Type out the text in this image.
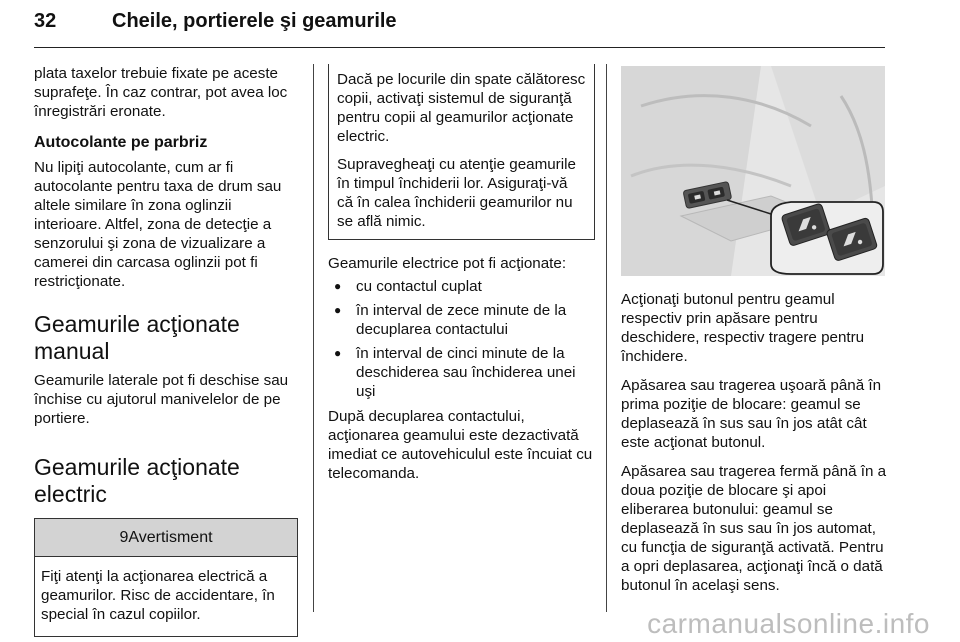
32	Cheile, portierele şi geamurile

plata taxelor trebuie fixate pe aceste suprafeţe. În caz contrar, pot avea loc înregistrări eronate.

Autocolante pe parbriz

Nu lipiţi autocolante, cum ar fi autocolante pentru taxa de drum sau altele similare în zona oglinzii interioare. Altfel, zona de detecţie a senzorului şi zona de vizualizare a camerei din carcasa oglinzii pot fi restricţionate.

Geamurile acţionate manual

Geamurile laterale pot fi deschise sau închise cu ajutorul manivelelor de pe portiere.

Geamurile acţionate electric
9Avertisment
Fiţi atenţi la acţionarea electrică a geamurilor. Risc de accidentare, în special în cazul copiilor.

Dacă pe locurile din spate călătoresc copii, activaţi sistemul de siguranţă pentru copii al geamurilor acţionate electric.

Supravegheaţi cu atenţie geamurile în timpul închiderii lor. Asiguraţi-vă că în calea închiderii geamurilor nu se află nimic.

Geamurile electrice pot fi acţionate:

● cu contactul cuplat
● în interval de zece minute de la decuplarea contactului
● în interval de cinci minute de la deschiderea sau închiderea unei uşi

După decuplarea contactului, acţionarea geamului este dezactivată imediat ce autovehiculul este încuiat cu telecomanda.

Acţionaţi butonul pentru geamul respectiv prin apăsare pentru deschidere, respectiv tragere pentru închidere.

Apăsarea sau tragerea uşoară până în prima poziţie de blocare: geamul se deplasează în sus sau în jos atât cât este acţionat butonul.

Apăsarea sau tragerea fermă până în a doua poziţie de blocare şi apoi eliberarea butonului: geamul se deplasează în sus sau în jos automat, cu funcţia de siguranţă activată. Pentru a opri deplasarea, acţionaţi încă o dată butonul în acelaşi sens.

carmanualsonline.info
